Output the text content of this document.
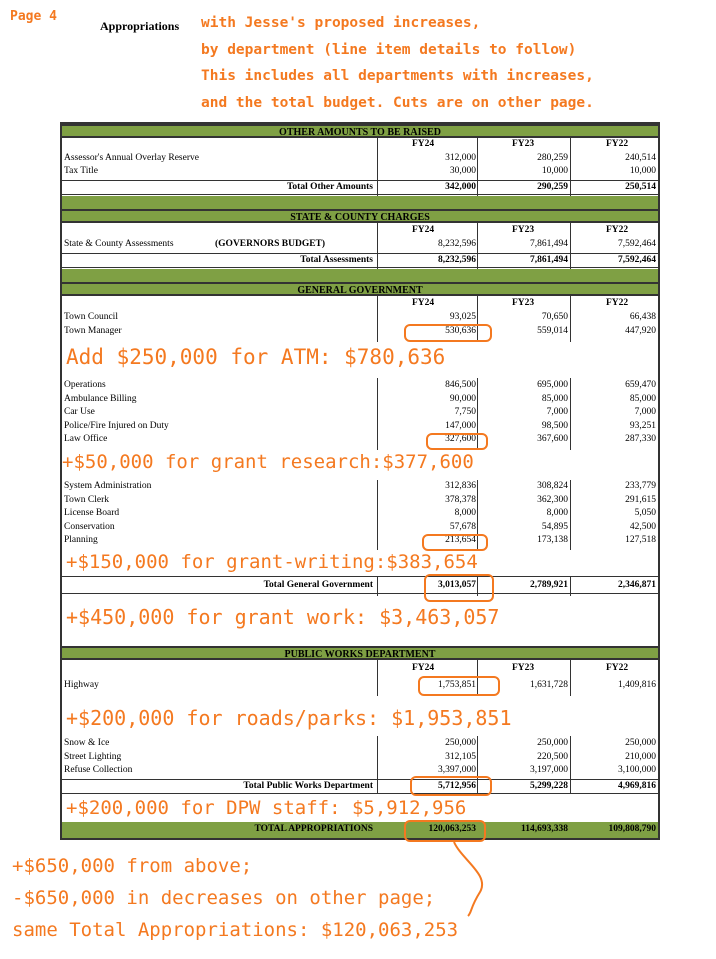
Page 4
Appropriations with Jesse's proposed increases,
by department (line item details to follow)
This includes all departments with increases,
and the total budget. Cuts are on other page.
OTHER AMOUNTS TO BE RAISED
FY24	FY23	FY22
Assessor's Annual Overlay Reserve	312,000	280,259	240,514
Tax Title	30,000	10,000	10,000
Total Other Amounts	342,000	290,259	250,514
STATE & COUNTY CHARGES
FY24	FY23	FY22
State & County Assessments	8,232,596	7,861,494	7,592,464
(GOVERNORS BUDGET)
Total Assessments	8,232,596	7,861,494	7,592,464
GENERAL GOVERNMENT
FY24	FY23	FY22
Town Council	93,025	70,650	66,438
Town Manager	530,636	559,014	447,920
Operations	846,500	695,000	659,470
Ambulance Billing	90,000	85,000	85,000
Car Use	7,750	7,000	7,000
Police/Fire Injured on Duty	147,000	98,500	93,251
Law Office	327,600	367,600	287,330
System Administration	312,836	308,824	233,779
Town Clerk	378,378	362,300	291,615
License Board	8,000	8,000	5,050
Conservation	57,678	54,895	42,500
Planning	213,654	173,138	127,518
Total General Government	3,013,057	2,789,921	2,346,871
PUBLIC WORKS DEPARTMENT
FY24	FY23	FY22
Highway	1,753,851	1,631,728	1,409,816
Snow & Ice	250,000	250,000	250,000
Street Lighting	312,105	220,500	210,000
Refuse Collection	3,397,000	3,197,000	3,100,000
Total Public Works Department	5,712,956	5,299,228	4,969,816
TOTAL APPROPRIATIONS	120,063,253	114,693,338	109,808,790
Add $250,000 for ATM: $780,636
+$50,000 for grant research:$377,600
+$150,000 for grant-writing:$383,654
+$450,000 for grant work: $3,463,057
+$200,000 for roads/parks: $1,953,851
+$200,000 for DPW staff: $5,912,956
+$650,000 from above;
-$650,000 in decreases on other page;
same Total Appropriations: $120,063,253
